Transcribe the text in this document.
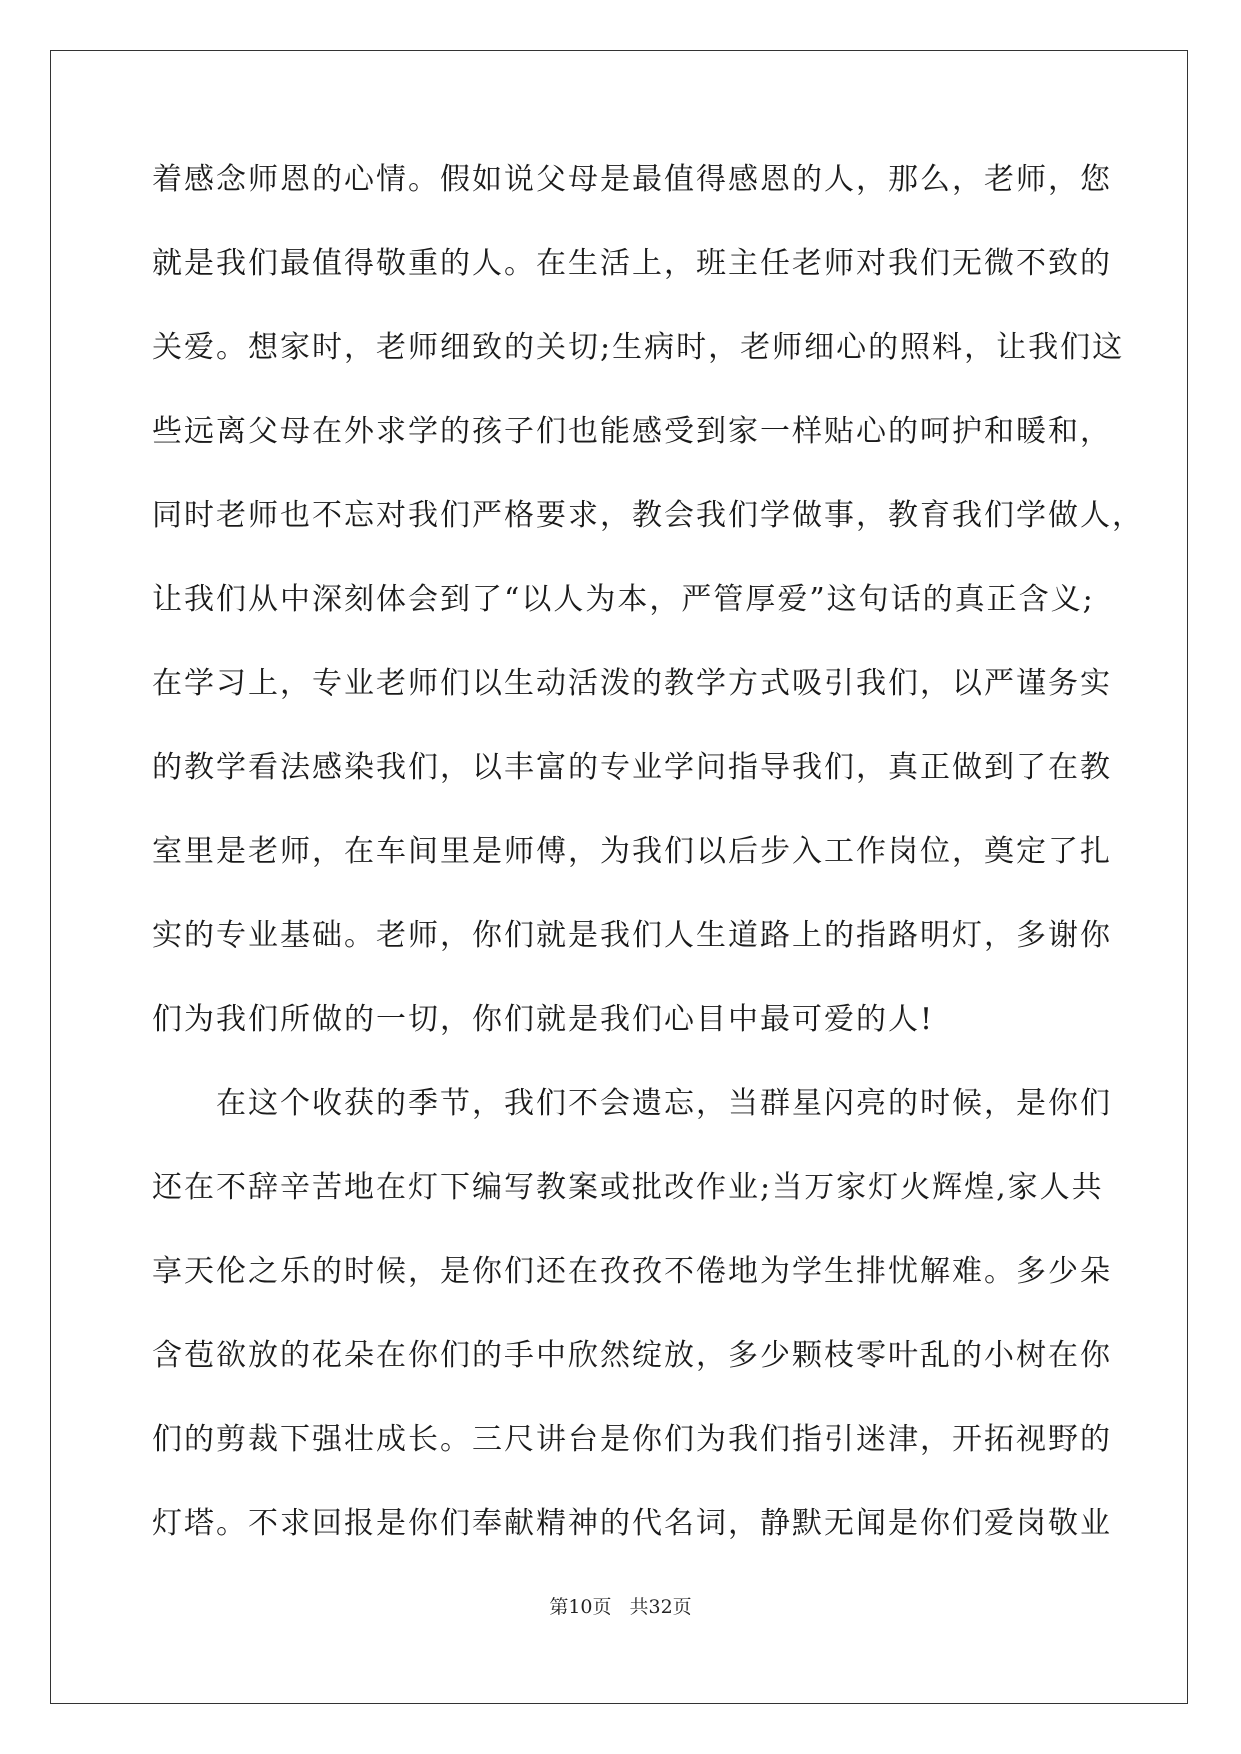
着感念师恩的心情。假如说父母是最值得感恩的人，那么，老师，您
就是我们最值得敬重的人。在生活上，班主任老师对我们无微不致的
关爱。想家时，老师细致的关切;生病时，老师细心的照料，让我们这
些远离父母在外求学的孩子们也能感受到家一样贴心的呵护和暖和，
同时老师也不忘对我们严格要求，教会我们学做事，教育我们学做人，
让我们从中深刻体会到了“以人为本，严管厚爱”这句话的真正含义;
在学习上，专业老师们以生动活泼的教学方式吸引我们，以严谨务实
的教学看法感染我们，以丰富的专业学问指导我们，真正做到了在教
室里是老师，在车间里是师傅，为我们以后步入工作岗位，奠定了扎
实的专业基础。老师，你们就是我们人生道路上的指路明灯，多谢你
们为我们所做的一切，你们就是我们心目中最可爱的人!
在这个收获的季节，我们不会遗忘，当群星闪亮的时候，是你们
还在不辞辛苦地在灯下编写教案或批改作业;当万家灯火辉煌,家人共
享天伦之乐的时候，是你们还在孜孜不倦地为学生排忧解难。多少朵
含苞欲放的花朵在你们的手中欣然绽放，多少颗枝零叶乱的小树在你
们的剪裁下强壮成长。三尺讲台是你们为我们指引迷津，开拓视野的
灯塔。不求回报是你们奉献精神的代名词，静默无闻是你们爱岗敬业
第10页 共32页
